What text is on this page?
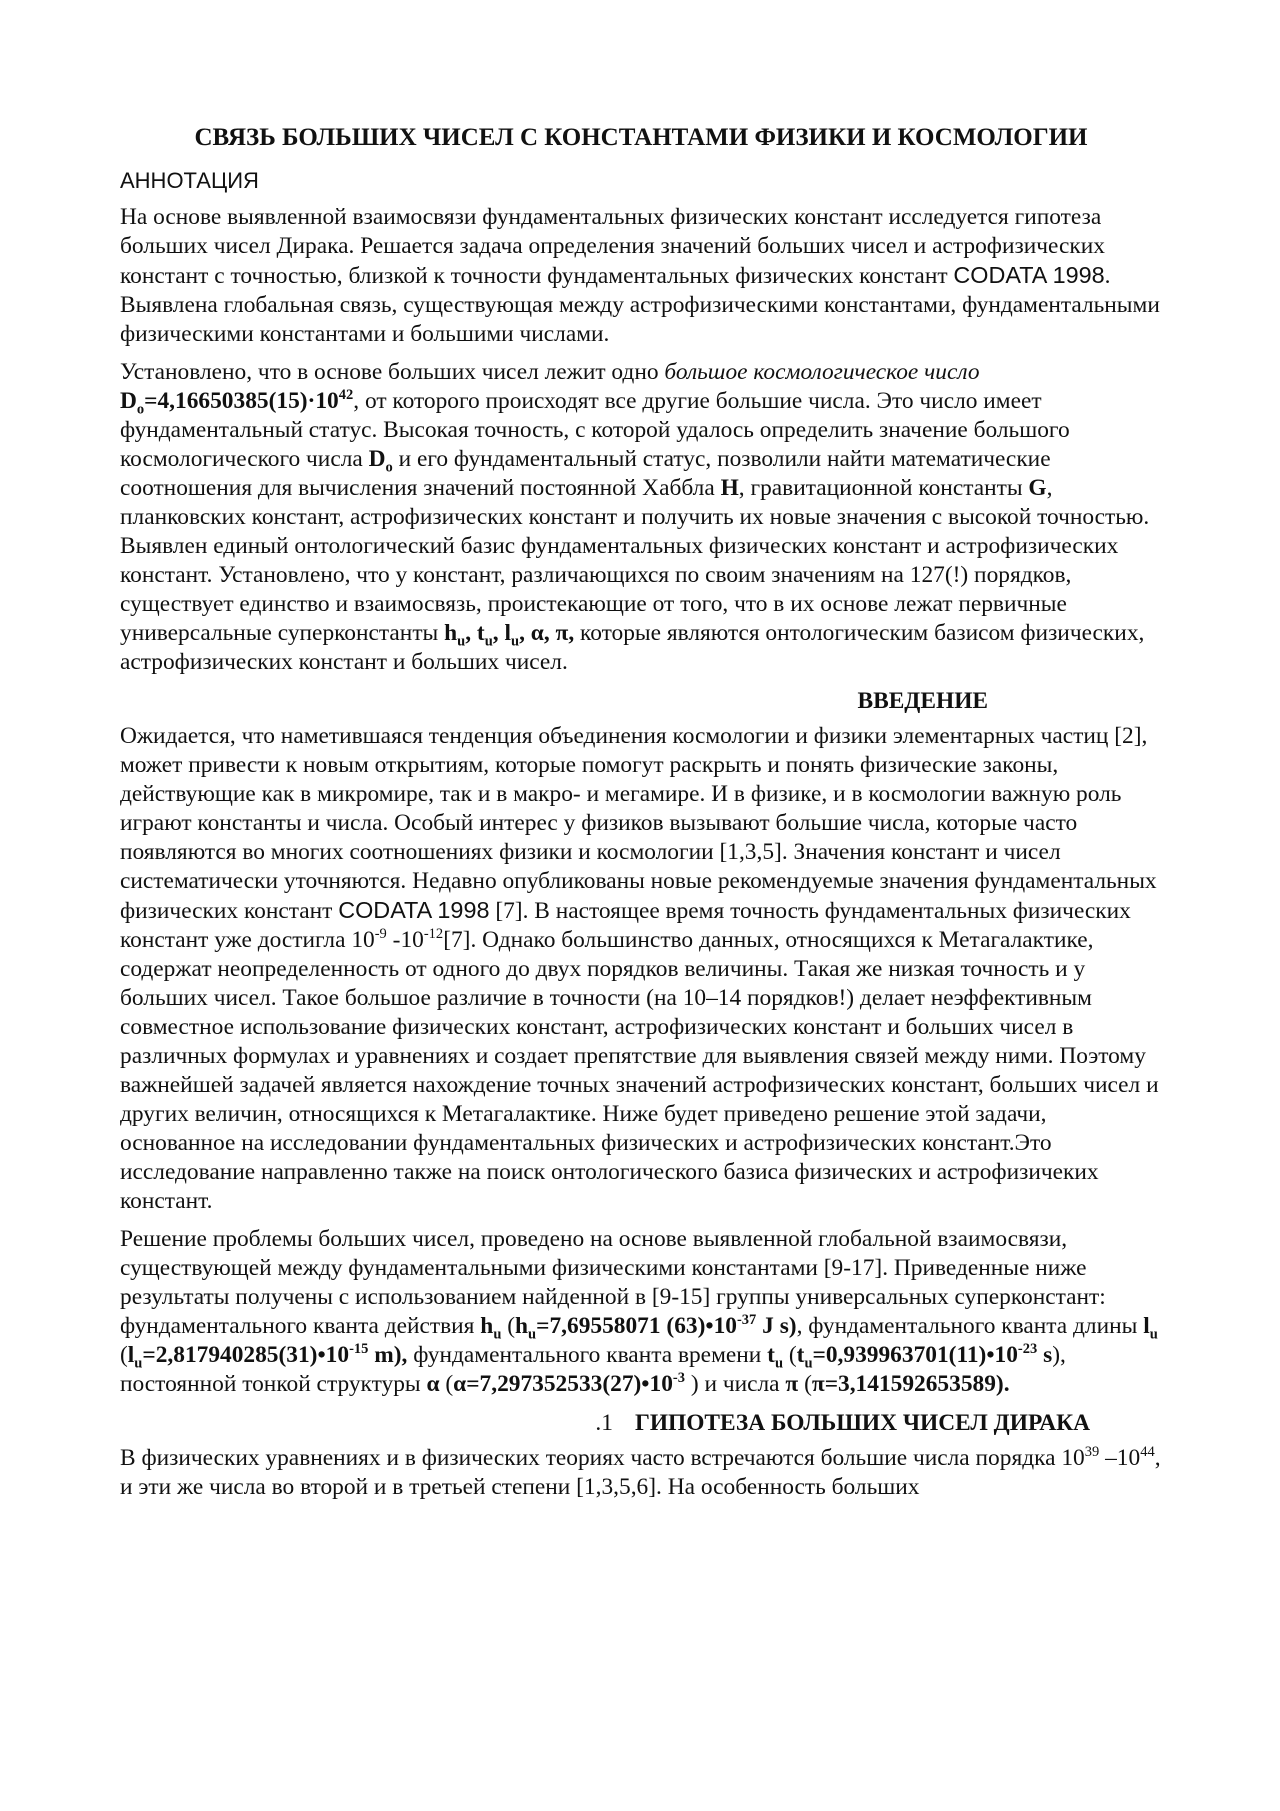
СВЯЗЬ БОЛЬШИХ ЧИСЕЛ С КОНСТАНТАМИ ФИЗИКИ И КОСМОЛОГИИ
АННОТАЦИЯ

На основе выявленной взаимосвязи фундаментальных физических констант исследуется гипотеза больших чисел Дирака. Решается задача определения значений больших чисел и астрофизических констант с точностью, близкой к точности фундаментальных физических констант CODATA 1998. Выявлена глобальная связь, существующая между астрофизическими константами, фундаментальными физическими константами и большими числами.

Установлено, что в основе больших чисел лежит одно большое космологическое число $D_o=4,16650385(15)\cdot 10^{42}$, от которого происходят все другие большие числа. Это число имеет фундаментальный статус. Высокая точность, с которой удалось определить значение большого космологического числа $D_o$ и его фундаментальный статус, позволили найти математические соотношения для вычисления значений постоянной Хаббла H, гравитационной константы G, планковских констант, астрофизических констант и получить их новые значения с высокой точностью. Выявлен единый онтологический базис фундаментальных физических констант и астрофизических констант. Установлено, что у констант, различающихся по своим значениям на 127(!) порядков, существует единство и взаимосвязь, проистекающие от того, что в их основе лежат первичные универсальные суперконстанты $h_u$, $t_u$, $l_u$, α, π, которые являются онтологическим базисом физических, астрофизических констант и больших чисел.

ВВЕДЕНИЕ

Ожидается, что наметившаяся тенденция объединения космологии и физики элементарных частиц [2], может привести к новым открытиям, которые помогут раскрыть и понять физические законы, действующие как в микромире, так и в макро- и мегамире. И в физике, и в космологии важную роль играют константы и числа. Особый интерес у физиков вызывают большие числа, которые часто появляются во многих соотношениях физики и космологии [1,3,5]. Значения констант и чисел систематически уточняются. Недавно опубликованы новые рекомендуемые значения фундаментальных физических констант CODATA 1998 [7]. В настоящее время точность фундаментальных физических констант уже достигла $10^{-9}$ $-10^{-12}[7]$. Однако большинство данных, относящихся к Метагалактике, содержат неопределенность от одного до двух порядков величины. Такая же низкая точность и у больших чисел. Такое большое различие в точности (на 10–14 порядков!) делает неэффективным совместное использование физических констант, астрофизических констант и больших чисел в различных формулах и уравнениях и создает препятствие для выявления связей между ними. Поэтому важнейшей задачей является нахождение точных значений астрофизических констант, больших чисел и других величин, относящихся к Метагалактике. Ниже будет приведено решение этой задачи, основанное на исследовании фундаментальных физических и астрофизических констант.Это исследование направленно также на поиск онтологического базиса физических и астрофизичеких констант.

Решение проблемы больших чисел, проведено на основе выявленной глобальной взаимосвязи, существующей между фундаментальными физическими константами [9-17]. Приведенные ниже результаты получены с использованием найденной в [9-15] группы универсальных суперконстант: фундаментального кванта действия $h_u$ ($h_u=7,69558071$ $(63)•10^{-37}$ J s), фундаментального кванта длины $l_u$ ($l_u=2,817940285(31)•10^{-15}$ m), фундаментального кванта времени $t_u$ ($t_u=0,939963701(11)•10^{-23}$ s), постоянной тонкой структуры α ($\alpha=7,297352533(27)•10^{-3}$ ) и числа π (π=3,141592653589).

.1 ГИПОТЕЗА БОЛЬШИХ ЧИСЕЛ ДИРАКА

В физических уравнениях и в физических теориях часто встречаются большие числа порядка $10^{39}$ $-10^{44}$, и эти же числа во второй и в третьей степени [1,3,5,6]. На особенность больших
